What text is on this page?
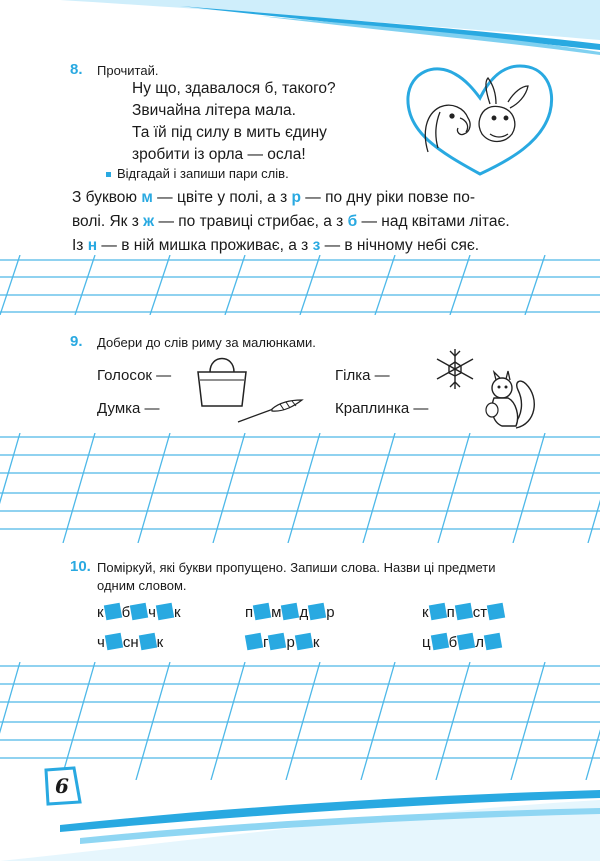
8. Прочитай.
Ну що, здавалося б, такого?
Звичайна літера мала.
Та їй під силу в мить єдину
зробити із орла — осла!
Відгадай і запиши пари слів.
З буквою м — цвіте у полі, а з р — по дну ріки повзе по-
волі. Як з ж — по травиці стрибає, а з б — над квітами літає.
Із н — в ній мишка проживає, а з з — в нічному небі сяє.
9. Добери до слів риму за малюнками.
Голосок —
Думка —
Гілка —
Краплинка —
10. Поміркуй, які букви пропущено. Запиши слова. Назви ці предмети
одним словом.
к б ч к	п м д р	к п ст
ч сн к	г р к	ц б л
6
